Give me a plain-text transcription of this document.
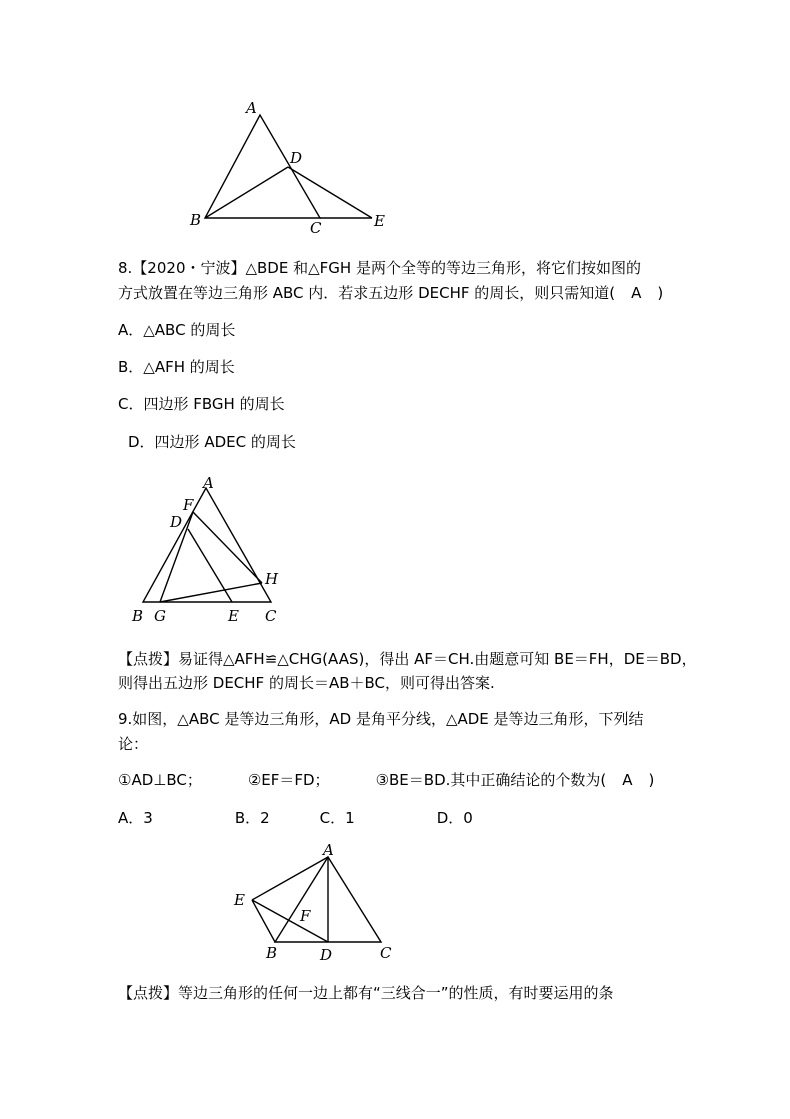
A
D
B	C	E
8.【2020・宁波】△BDE 和△FGH 是两个全等的等边三角形，将它们按如图的
方式放置在等边三角形 ABC 内．若求五边形 DECHF 的周长，则只需知道( A )
A．△ABC 的周长
B．△AFH 的周长
C．四边形 FBGH 的周长
D．四边形 ADEC 的周长
A
F
D
H
B G	E C
【点拨】易证得△AFH≌△CHG(AAS)，得出 AF＝CH.由题意可知 BE＝FH，DE＝BD，
则得出五边形 DECHF 的周长＝AB＋BC，则可得出答案.
9.如图，△ABC 是等边三角形，AD 是角平分线，△ADE 是等边三角形，下列结
论：
①AD⊥BC；	②EF＝FD；	③BE＝BD.其中正确结论的个数为( A )
A．3	B．2	C．1	D．0
A
E
F
B	D	C
【点拨】等边三角形的任何一边上都有“三线合一”的性质，有时要运用的条
